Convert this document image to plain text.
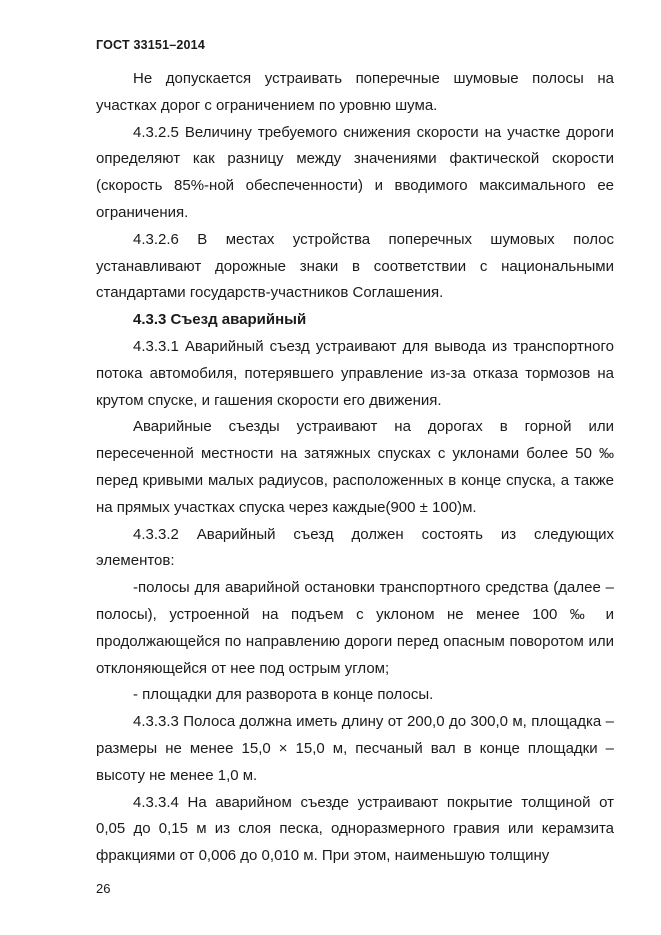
ГОСТ 33151–2014

Не допускается устраивать поперечные шумовые полосы на участках дорог с ограничением по уровню шума.

4.3.2.5 Величину требуемого снижения скорости на участке дороги определяют как разницу между значениями фактической скорости (скорость 85%-ной обеспеченности) и вводимого максимального ее ограничения.

4.3.2.6 В местах устройства поперечных шумовых полос устанавливают дорожные знаки в соответствии с национальными стандартами государств-участников Соглашения.

4.3.3 Съезд аварийный

4.3.3.1 Аварийный съезд устраивают для вывода из транспортного потока автомобиля, потерявшего управление из-за отказа тормозов на крутом спуске, и гашения скорости его движения.

Аварийные съезды устраивают на дорогах в горной или пересеченной местности на затяжных спусках с уклонами более 50 ‰ перед кривыми малых радиусов, расположенных в конце спуска, а также на прямых участках спуска через каждые(900 ± 100)м.

4.3.3.2 Аварийный съезд должен состоять из следующих элементов:

-полосы для аварийной остановки транспортного средства (далее – полосы), устроенной на подъем с уклоном не менее 100 ‰ и продолжающейся по направлению дороги перед опасным поворотом или отклоняющейся от нее под острым углом;

- площадки для разворота в конце полосы.

4.3.3.3 Полоса должна иметь длину от 200,0 до 300,0 м, площадка – размеры не менее 15,0 × 15,0 м, песчаный вал в конце площадки – высоту не менее 1,0 м.

4.3.3.4 На аварийном съезде устраивают покрытие толщиной от 0,05 до 0,15 м из слоя песка, одноразмерного гравия или керамзита фракциями от 0,006 до 0,010 м. При этом, наименьшую толщину

26
